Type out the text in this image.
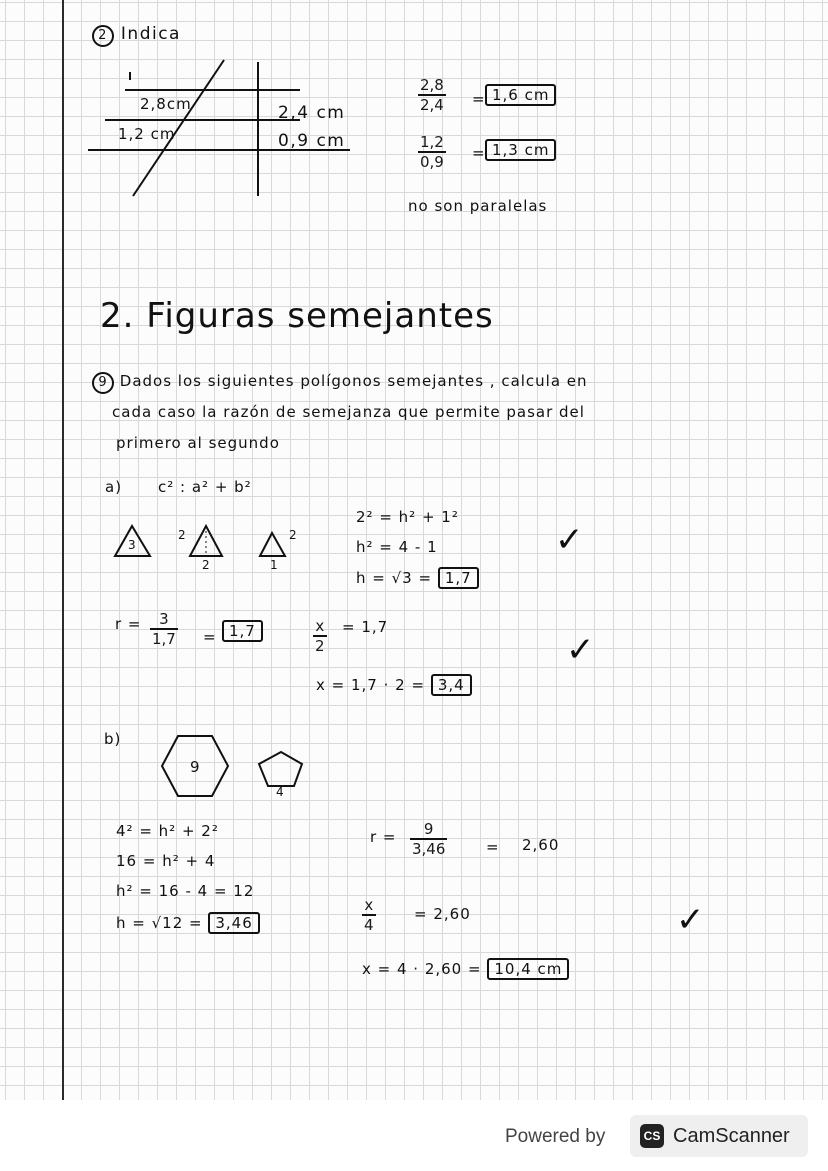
2 Indica
2,8cm
1,2 cm
2,4 cm
0,9 cm
$\frac{2,8}{2,4} = 1,6$ cm
$\frac{1,2}{0,9} = 1,3$ cm
no son paralelas
2. Figuras semejantes
9 Dados los siguientes polígonos semejantes , calcula en
cada caso la razón de semejanza que permite pasar del
primero al segundo
a) c² : a² + b²
3
2
2
2
1
2² = h² + 1²
h² = 4 - 1
h = √3 = 1,7
✓
$r = \frac{3}{1,7} = 1,7$	$\frac{x}{2} = 1,7$
x = 1,7 · 2 = 3,4
✓
b)
9
4
4² = h² + 2²
16 = h² + 4
h² = 16 - 4 = 12
h = √12 = 3,46
$r = \frac{9}{3,46}$	= 2,60
$\frac{x}{4}$	= 2,60
x = 4 · 2,60 = 10,4 cm
✓
Powered by	CS CamScanner
